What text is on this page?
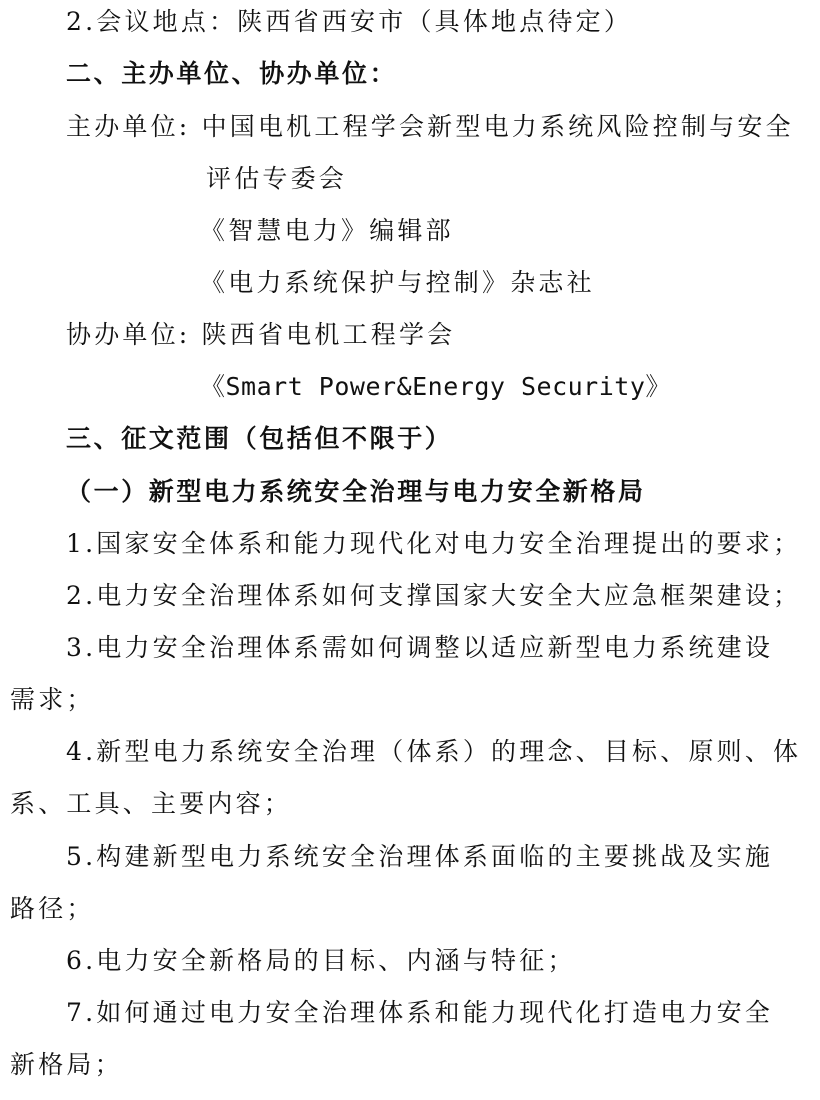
2.会议地点：陕西省西安市（具体地点待定）
二、主办单位、协办单位：
主办单位: 中国电机工程学会新型电力系统风险控制与安全
评估专委会
《智慧电力》编辑部
《电力系统保护与控制》杂志社
协办单位: 陕西省电机工程学会
《Smart Power&Energy Security》
三、征文范围（包括但不限于）
（一）新型电力系统安全治理与电力安全新格局
1.国家安全体系和能力现代化对电力安全治理提出的要求；
2.电力安全治理体系如何支撑国家大安全大应急框架建设；
3.电力安全治理体系需如何调整以适应新型电力系统建设
需求；
4.新型电力系统安全治理（体系）的理念、目标、原则、体
系、工具、主要内容；
5.构建新型电力系统安全治理体系面临的主要挑战及实施
路径；
6.电力安全新格局的目标、内涵与特征；
7.如何通过电力安全治理体系和能力现代化打造电力安全
新格局；
